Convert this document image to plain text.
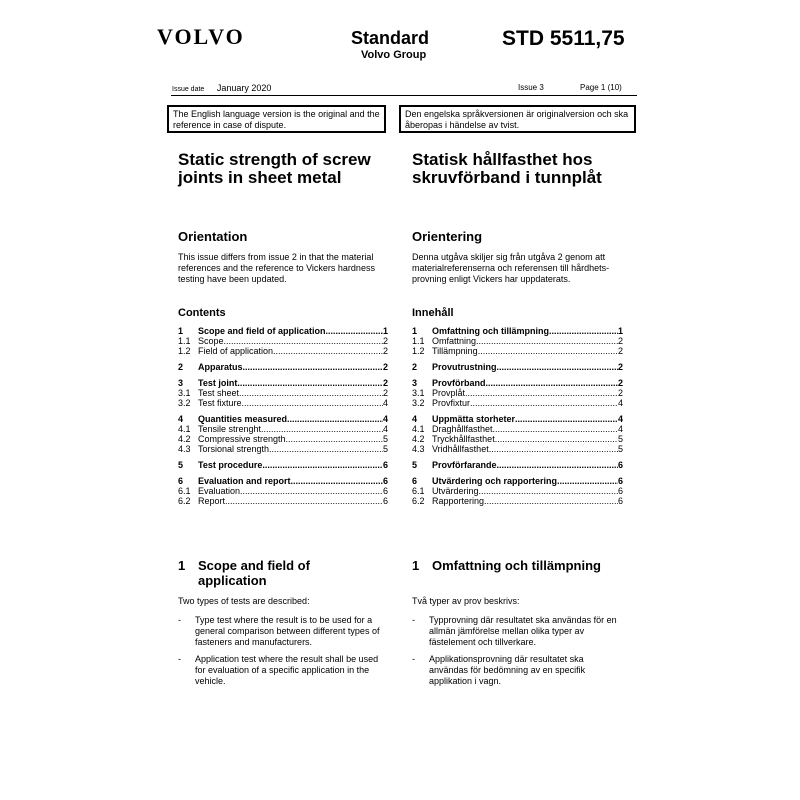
VOLVO	Standard
Volvo Group
STD 5511,75
Issue date January 2020	Issue 3	Page 1 (10)
The English language version is the original and the reference in case of dispute.
Den engelska språkversionen är originalversion och ska åberopas i händelse av tvist.
Static strength of screw
joints in sheet metal
Orientation
This issue differs from issue 2 in that the material references and the reference to Vickers hardness testing have been updated.
Contents
1	Scope and field of application .....	1
1.1 Scope .....	2
1.2 Field of application .....	2
2	Apparatus .....	2
3	Test joint .....	2
3.1 Test sheet .....	2
3.2 Test fixture .....	4
4	Quantities measured .....	4
4.1 Tensile strenght .....	4
4.2 Compressive strength .....	5
4.3 Torsional strength .....	5
5	Test procedure .....	6
6	Evaluation and report .....	6
6.1 Evaluation .....	6
6.2 Report .....	6
1 Scope and field of
application
Two types of tests are described:
-	Type test where the result is to be used for a general comparison between different types of fasteners and manufacturers.
-	Application test where the result shall be used for evaluation of a specific application in the vehicle.
Statisk hållfasthet hos
skruvförband i tunnplåt
Orientering
Denna utgåva skiljer sig från utgåva 2 genom att materialreferenserna och referensen till hårdhets-provning enligt Vickers har uppdaterats.
Innehåll
1	Omfattning och tillämpning .....	1
1.1 Omfattning .....	2
1.2 Tillämpning .....	2
2	Provutrustning .....	2
3	Provförband .....	2
3.1 Provplåt .....	2
3.2 Provfixtur .....	4
4	Uppmätta storheter .....	4
4.1 Draghållfasthet .....	4
4.2 Tryckhållfasthet .....	5
4.3 Vridhållfasthet .....	5
5	Provförfarande .....	6
6	Utvärdering och rapportering .....	6
6.1 Utvärdering .....	6
6.2 Rapportering .....	6
1 Omfattning och tillämpning
Två typer av prov beskrivs:
-	Typprovning där resultatet ska användas för en allmän jämförelse mellan olika typer av fästelement och tillverkare.
-	Applikationsprovning där resultatet ska användas för bedömning av en specifik applikation i vagn.
